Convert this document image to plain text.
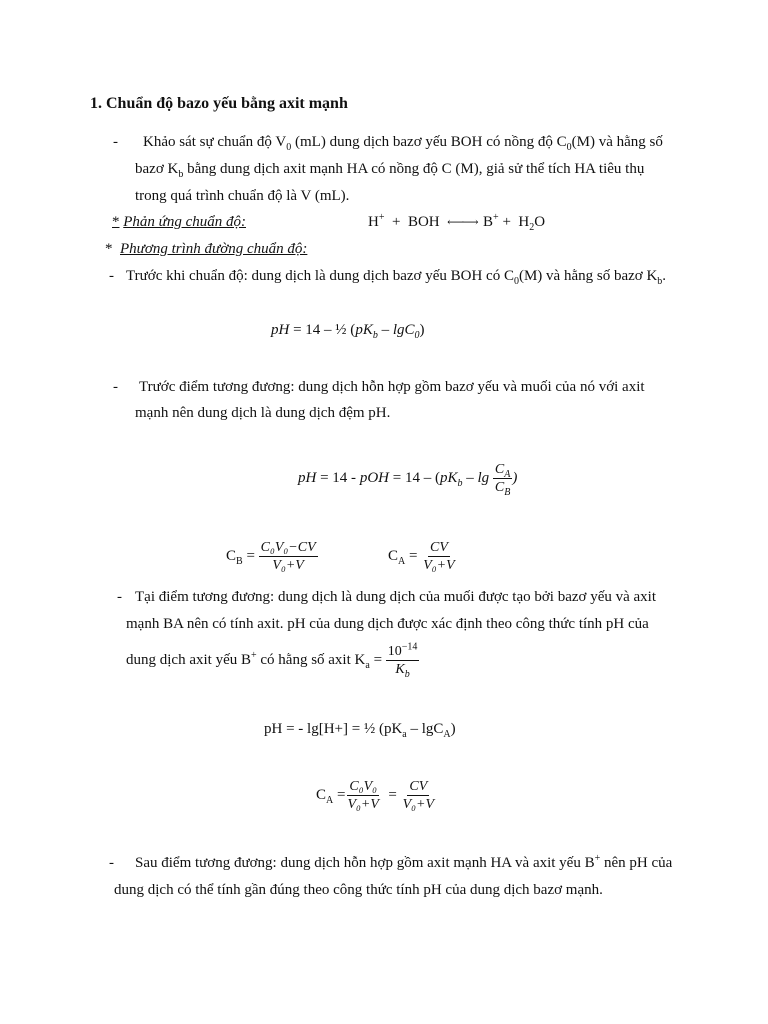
1. Chuẩn độ bazo yếu bằng axit mạnh
- Khảo sát sự chuẩn độ $V_0$ (mL) dung dịch bazơ yếu BOH có nồng độ $C_0(M)$ và hằng số
bazơ $K_b$ bằng dung dịch axit mạnh HA có nồng độ C (M), giả sử thể tích HA tiêu thụ
trong quá trình chuẩn độ là V (mL).
* Phản ứng chuẩn độ:	H+ + BOH ⟵⟶ $B^+ + H_2O$
* Phương trình đường chuẩn độ:
- Trước khi chuẩn độ: dung dịch là dung dịch bazơ yếu BOH có $C_0(M)$ và hằng số bazơ $K_b$.
pH = 14 – ½ $(pK_b - \lg C_0)$
- Trước điểm tương đương: dung dịch hỗn hợp gồm bazơ yếu và muối của nó với axit
mạnh nên dung dịch là dung dịch đệm pH.
pH = 14 - pOH = $14 - (pK_b$ – $\lg \frac{C_A}{C_B}$ )
$C_B = \frac{\text{C₀V₀−CV}}{\text{V₀+V}}$	$C_A = \frac{CV}{\text{V₀+V}}$
- Tại điểm tương đương: dung dịch là dung dịch của muối được tạo bởi bazơ yếu và axit
mạnh BA nên có tính axit. pH của dung dịch được xác định theo công thức tính pH của
dung dịch axit yếu B+ có hằng số axit $K_a = \frac{10^{-14}}{K_b}$
pH = - lg[H+] = ½ $(pK_a - \lg C_A)$
$C_A = \frac{\text{C₀V₀}}{\text{V₀+V}} = \frac{CV}{\text{V₀+V}}$
- Sau điểm tương đương: dung dịch hỗn hợp gồm axit mạnh HA và axit yếu B+ nên pH của
dung dịch có thể tính gần đúng theo công thức tính pH của dung dịch bazơ mạnh.
